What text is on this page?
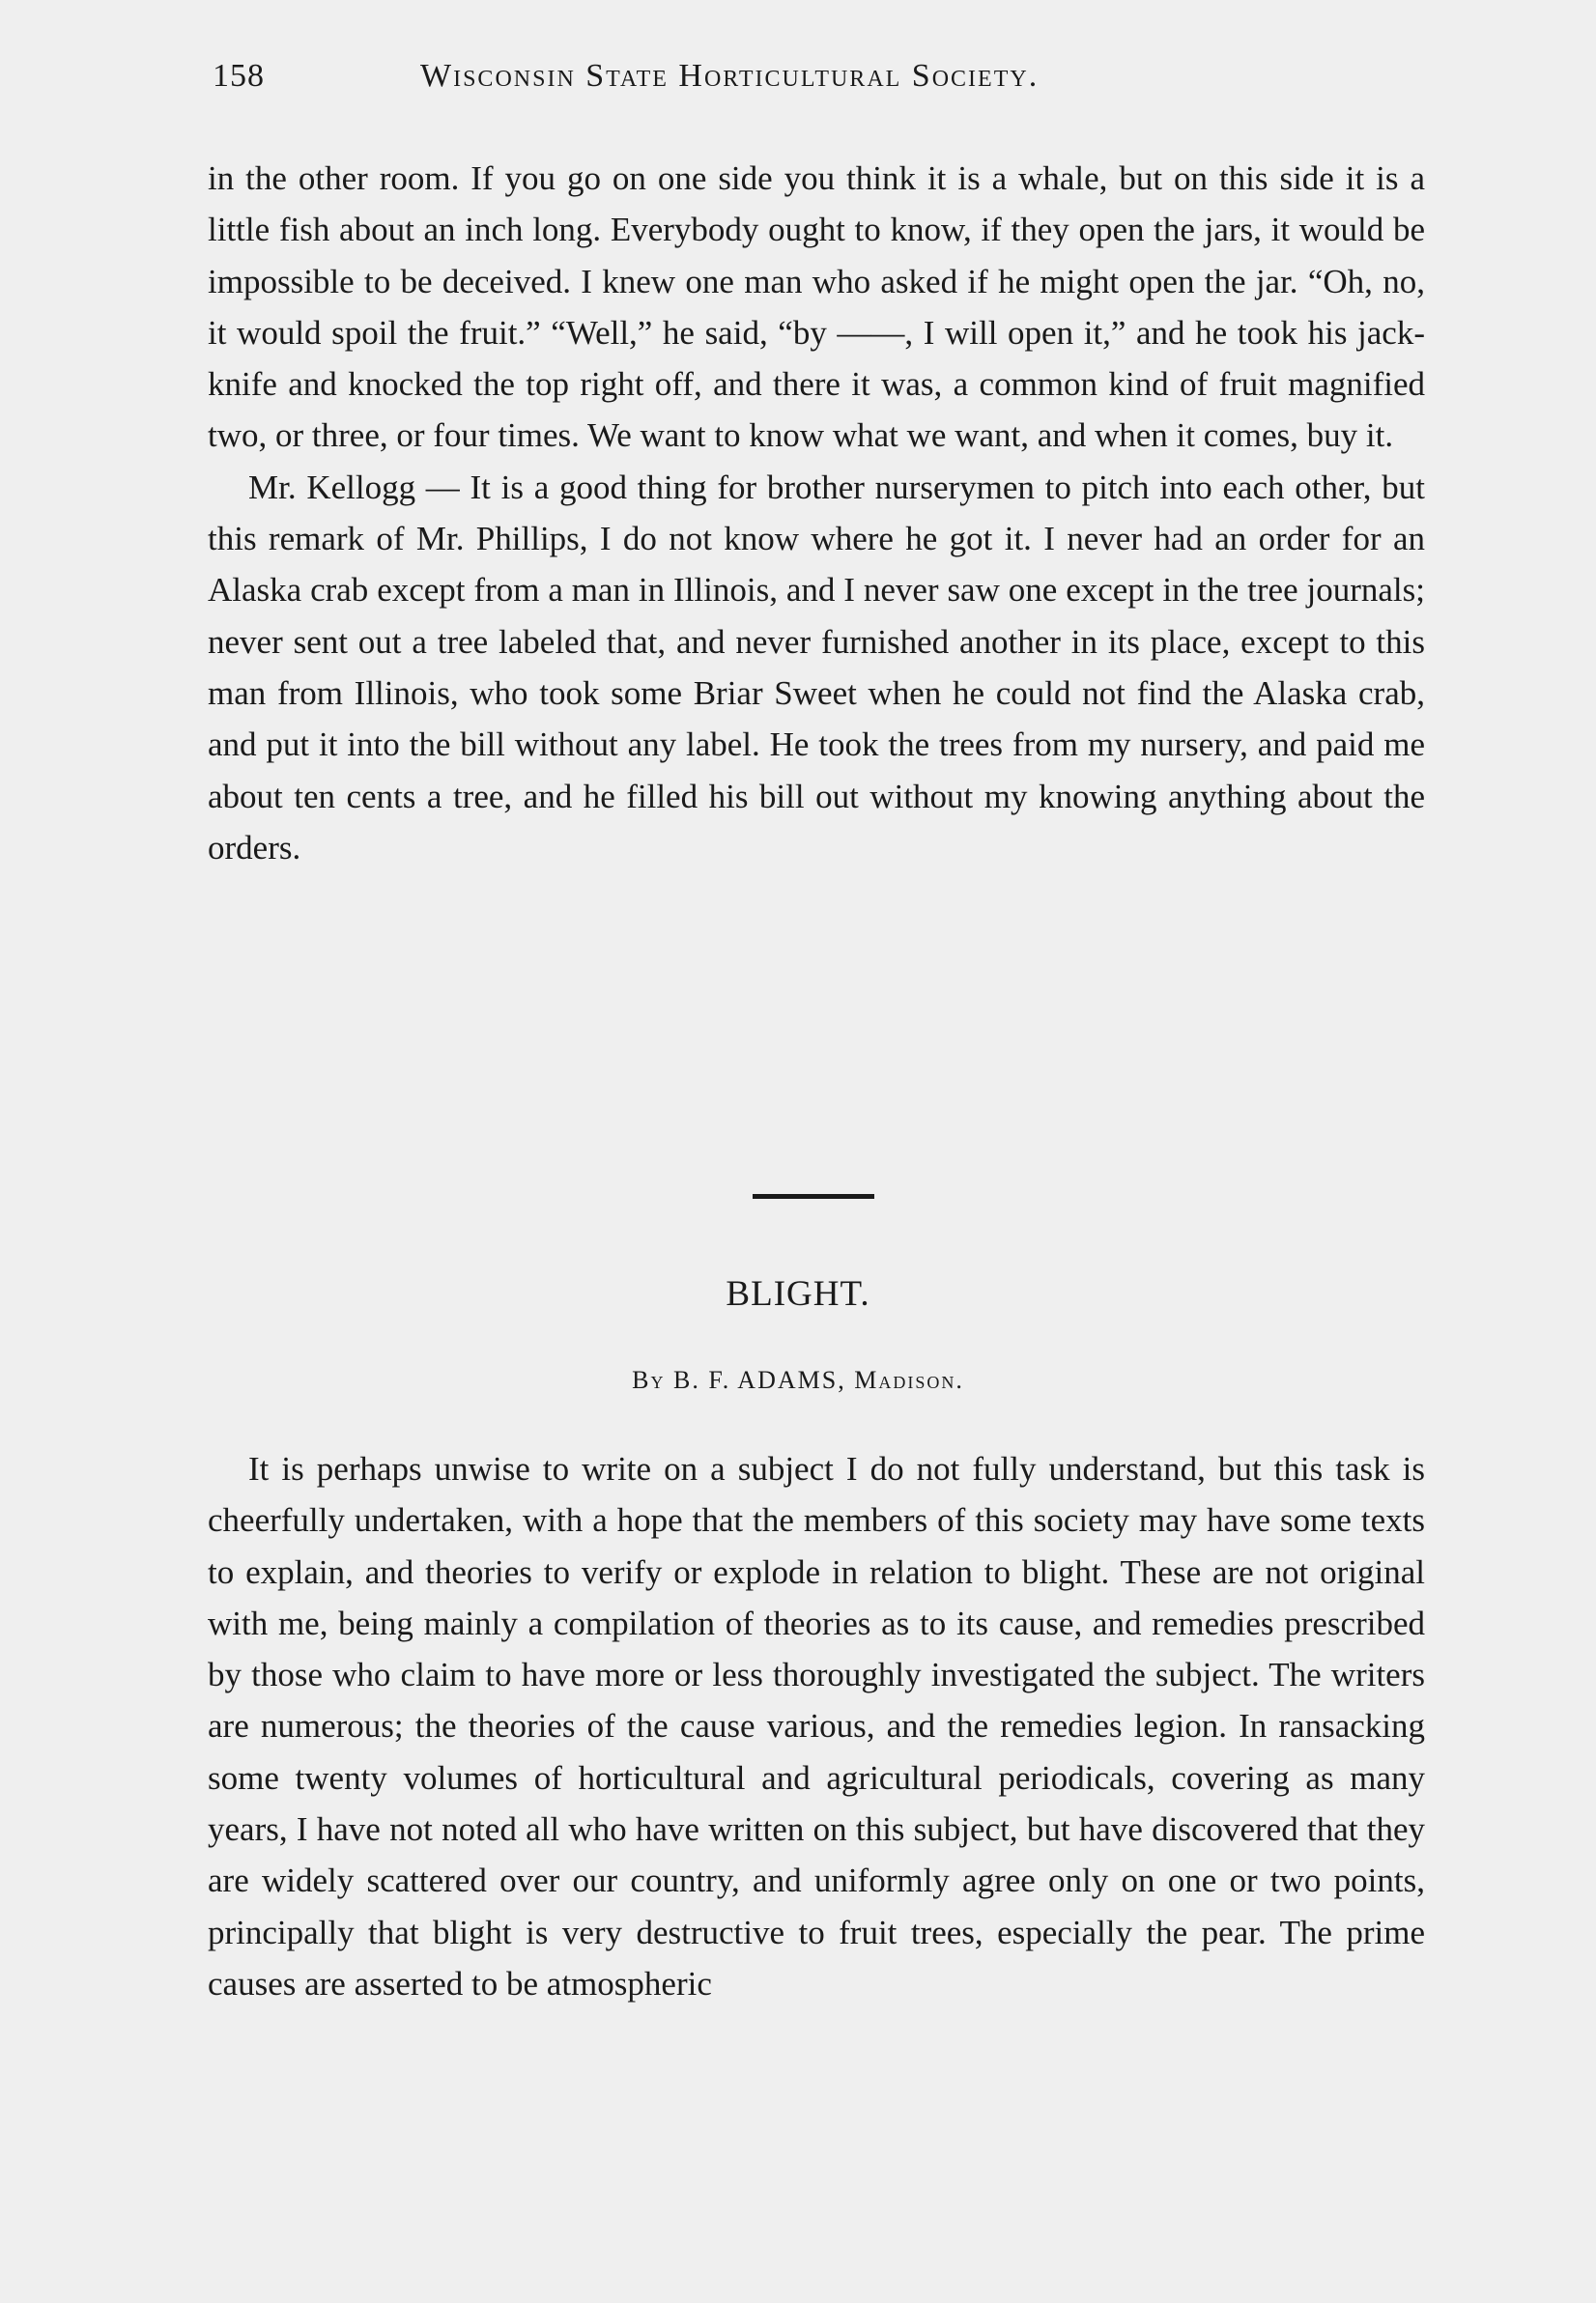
158	Wisconsin State Horticultural Society.

in the other room. If you go on one side you think it is a whale, but on this side it is a little fish about an inch long. Everybody ought to know, if they open the jars, it would be impossible to be deceived. I knew one man who asked if he might open the jar. “Oh, no, it would spoil the fruit.” “Well,” he said, “by ——, I will open it,” and he took his jack-knife and knocked the top right off, and there it was, a common kind of fruit magnified two, or three, or four times. We want to know what we want, and when it comes, buy it.

Mr. Kellogg — It is a good thing for brother nurserymen to pitch into each other, but this remark of Mr. Phillips, I do not know where he got it. I never had an order for an Alaska crab except from a man in Illinois, and I never saw one except in the tree journals; never sent out a tree labeled that, and never furnished another in its place, except to this man from Illinois, who took some Briar Sweet when he could not find the Alaska crab, and put it into the bill without any label. He took the trees from my nursery, and paid me about ten cents a tree, and he filled his bill out without my knowing anything about the orders.

BLIGHT.
By B. F. ADAMS, Madison.

It is perhaps unwise to write on a subject I do not fully understand, but this task is cheerfully undertaken, with a hope that the members of this society may have some texts to explain, and theories to verify or explode in relation to blight. These are not original with me, being mainly a compilation of theories as to its cause, and remedies prescribed by those who claim to have more or less thoroughly investigated the subject. The writers are numerous; the theories of the cause various, and the remedies legion. In ransacking some twenty volumes of horticultural and agricultural periodicals, covering as many years, I have not noted all who have written on this subject, but have discovered that they are widely scattered over our country, and uniformly agree only on one or two points, principally that blight is very destructive to fruit trees, especially the pear. The prime causes are asserted to be atmospheric
